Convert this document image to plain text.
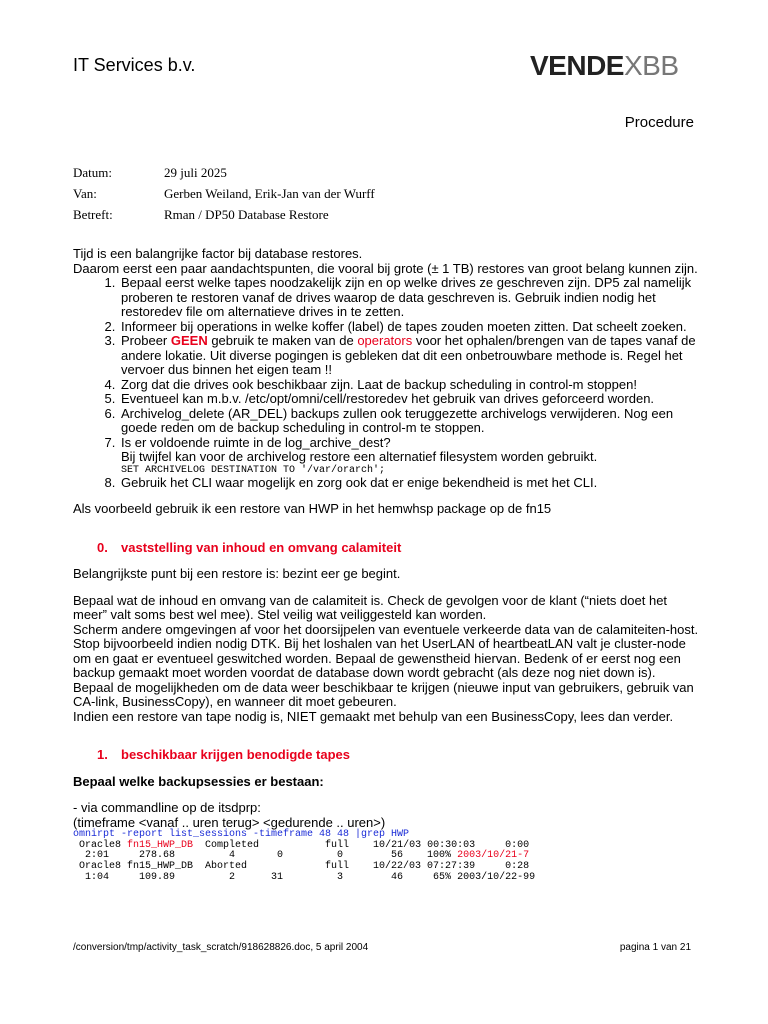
IT Services b.v.	VENDEXBB
Procedure
Datum:	29 juli 2025
Van:	Gerben Weiland, Erik-Jan van der Wurff
Betreft:	Rman / DP50 Database Restore

Tijd is een balangrijke factor bij database restores.

Daarom eerst een paar aandachtspunten, die vooral bij grote (± 1 TB) restores van groot belang kunnen zijn.

1. Bepaal eerst welke tapes noodzakelijk zijn en op welke drives ze geschreven zijn. DP5 zal namelijk proberen te restoren vanaf de drives waarop de data geschreven is. Gebruik indien nodig het restoredev file om alternatieve drives in te zetten.
2. Informeer bij operations in welke koffer (label) de tapes zouden moeten zitten. Dat scheelt zoeken.
3. Probeer GEEN gebruik te maken van de operators voor het ophalen/brengen van de tapes vanaf de andere lokatie. Uit diverse pogingen is gebleken dat dit een onbetrouwbare methode is. Regel het vervoer dus binnen het eigen team !!
4. Zorg dat die drives ook beschikbaar zijn. Laat de backup scheduling in control-m stoppen!
5. Eventueel kan m.b.v. /etc/opt/omni/cell/restoredev het gebruik van drives geforceerd worden.
6. Archivelog_delete (AR_DEL) backups zullen ook teruggezette archivelogs verwijderen. Nog een goede reden om de backup scheduling in control-m te stoppen.
7. Is er voldoende ruimte in de log_archive_dest?
Bij twijfel kan voor de archivelog restore een alternatief filesystem worden gebruikt.
SET ARCHIVELOG DESTINATION TO '/var/orarch';
8. Gebruik het CLI waar mogelijk en zorg ook dat er enige bekendheid is met het CLI.

Als voorbeeld gebruik ik een restore van HWP in het hemwhsp package op de fn15

0.	vaststelling van inhoud en omvang calamiteit

Belangrijkste punt bij een restore is: bezint eer ge begint.

Bepaal wat de inhoud en omvang van de calamiteit is. Check de gevolgen voor de klant (“niets doet het meer” valt soms best wel mee). Stel veilig wat veiliggesteld kan worden.

Scherm andere omgevingen af voor het doorsijpelen van eventuele verkeerde data van de calamiteiten-host.

Stop bijvoorbeeld indien nodig DTK. Bij het loshalen van het UserLAN of heartbeatLAN valt je cluster-node om en gaat er eventueel geswitched worden. Bepaal de gewenstheid hiervan. Bedenk of er eerst nog een backup gemaakt moet worden voordat de database down wordt gebracht (als deze nog niet down is).

Bepaal de mogelijkheden om de data weer beschikbaar te krijgen (nieuwe input van gebruikers, gebruik van CA-link, BusinessCopy), en wanneer dit moet gebeuren.

Indien een restore van tape nodig is, NIET gemaakt met behulp van een BusinessCopy, lees dan verder.

1.	beschikbaar krijgen benodigde tapes

Bepaal welke backupsessies er bestaan:

- via commandline op de itsdprp:

(timeframe <vanaf .. uren terug> <gedurende .. uren>)

omnirpt -report list_sessions -timeframe 48 48 |grep HWP
Oracle8 fn15_HWP_DB  Completed           full    10/21/03 00:30:03     0:00
2:01     278.68         4       0         0        56    100% 2003/10/21-7
Oracle8 fn15_HWP_DB  Aborted             full    10/22/03 07:27:39     0:28
1:04     109.89         2      31         3        46     65% 2003/10/22-99
/conversion/tmp/activity_task_scratch/918628826.doc, 5 april 2004	pagina 1 van 21
